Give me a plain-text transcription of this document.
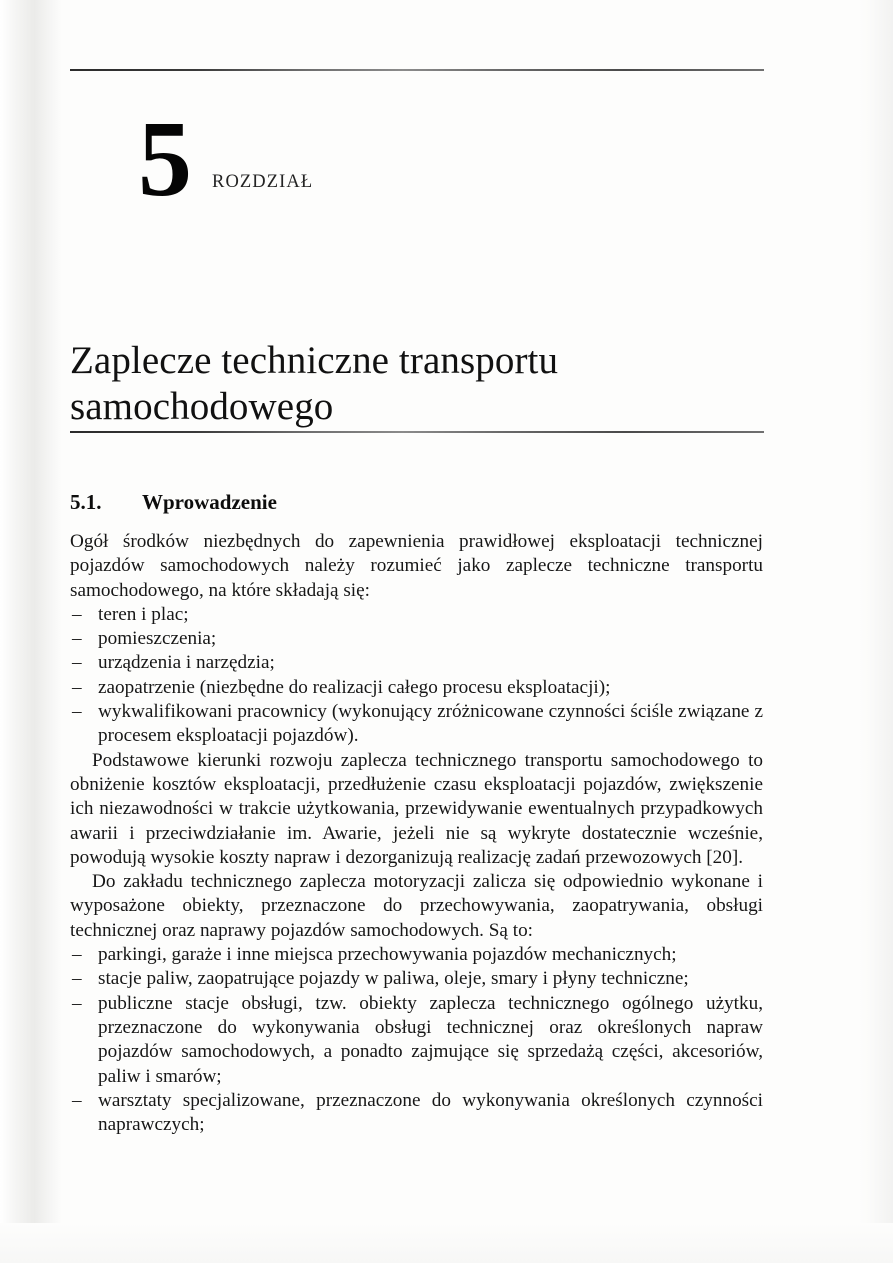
5 ROZDZIAŁ
Zaplecze techniczne transportu
samochodowego
5.1. Wprowadzenie

Ogół środków niezbędnych do zapewnienia prawidłowej eksploatacji technicznej pojazdów samochodowych należy rozumieć jako zaplecze techniczne transportu samochodowego, na które składają się:

– teren i plac;
– pomieszczenia;
– urządzenia i narzędzia;
– zaopatrzenie (niezbędne do realizacji całego procesu eksploatacji);
– wykwalifikowani pracownicy (wykonujący zróżnicowane czynności ściśle związane z procesem eksploatacji pojazdów).

Podstawowe kierunki rozwoju zaplecza technicznego transportu samochodowego to obniżenie kosztów eksploatacji, przedłużenie czasu eksploatacji pojazdów, zwiększenie ich niezawodności w trakcie użytkowania, przewidywanie ewentualnych przypadkowych awarii i przeciwdziałanie im. Awarie, jeżeli nie są wykryte dostatecznie wcześnie, powodują wysokie koszty napraw i dezorganizują realizację zadań przewozowych [20].

Do zakładu technicznego zaplecza motoryzacji zalicza się odpowiednio wykonane i wyposażone obiekty, przeznaczone do przechowywania, zaopatrywania, obsługi technicznej oraz naprawy pojazdów samochodowych. Są to:

– parkingi, garaże i inne miejsca przechowywania pojazdów mechanicznych;
– stacje paliw, zaopatrujące pojazdy w paliwa, oleje, smary i płyny techniczne;
– publiczne stacje obsługi, tzw. obiekty zaplecza technicznego ogólnego użytku, przeznaczone do wykonywania obsługi technicznej oraz określonych napraw pojazdów samochodowych, a ponadto zajmujące się sprzedażą części, akcesoriów, paliw i smarów;
– warsztaty specjalizowane, przeznaczone do wykonywania określonych czynności naprawczych;
